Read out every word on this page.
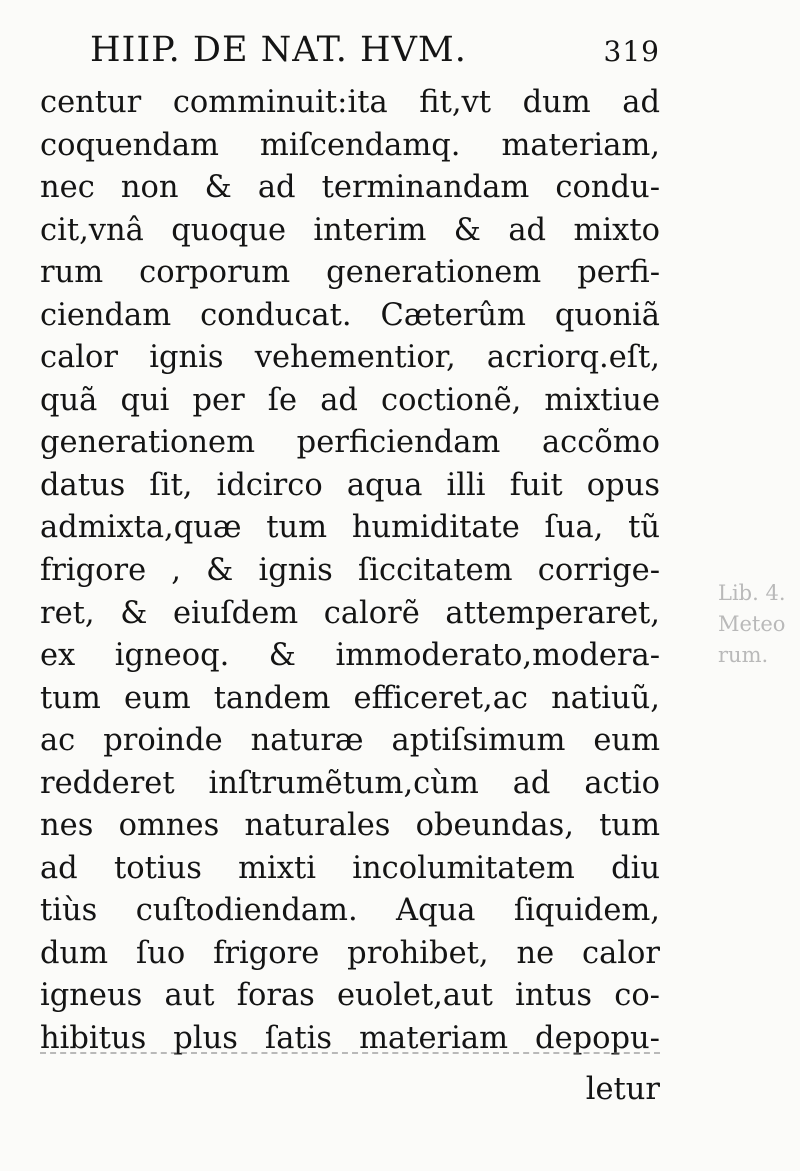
HIIP. DE NAT. HVM.	319
centur comminuit:ita fit,vt dum ad
coquendam miſcendamq. materiam,
nec non & ad terminandam condu-
cit,vnâ quoque interim & ad mixto
rum corporum generationem perfi-
ciendam conducat. Cæterûm quoniã
calor ignis vehementior, acriorq.eſt,
quã qui per ſe ad coctionẽ, mixtiue
generationem perficiendam accõmo
datus ſit, idcirco aqua illi fuit opus
admixta,quæ tum humiditate ſua, tũ
frigore , & ignis ſiccitatem corrige-
ret, & eiuſdem calorẽ attemperaret,
ex igneoq. & immoderato,modera-
tum eum tandem efficeret,ac natiuũ,
ac proinde naturæ aptiſsimum eum
redderet inſtrumẽtum,cùm ad actio
nes omnes naturales obeundas, tum
ad totius mixti incolumitatem diu
tiùs cuſtodiendam. Aqua ſiquidem,
dum ſuo frigore prohibet, ne calor
igneus aut foras euolet,aut intus co-
hibitus plus ſatis materiam depopu-
letur
Lib. 4.
Meteo
rum.
